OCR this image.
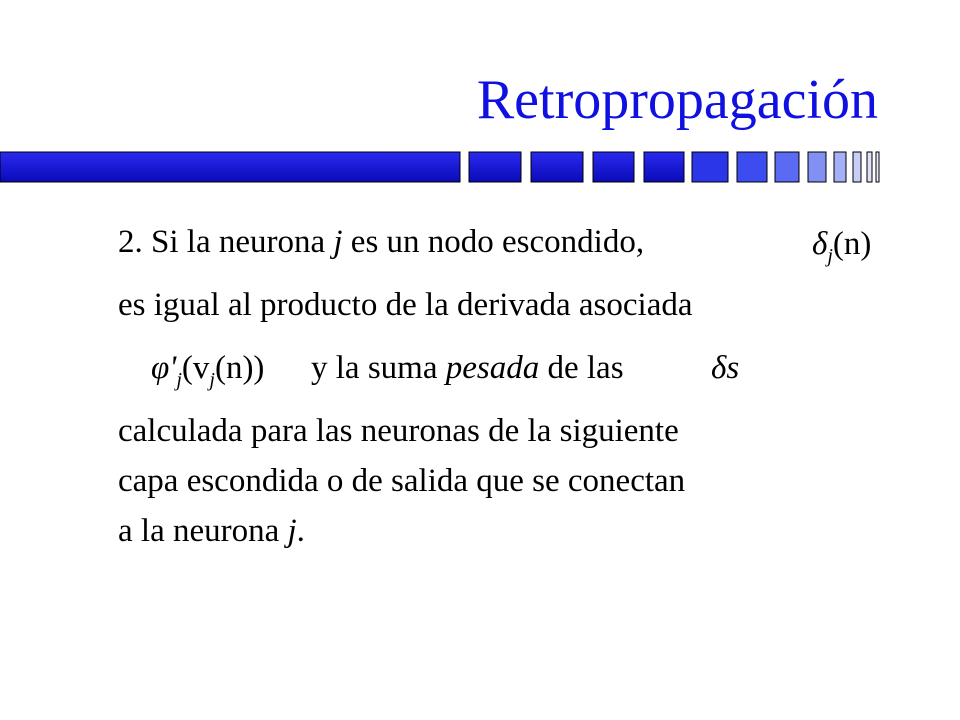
Retropropagación
2. Si la neurona j es un nodo escondido,	$\delta_j(n)$
es igual al producto de la derivada asociada
$\varphi'_j(v_j(n))$ y la suma pesada de las	δs
calculada para las neuronas de la siguiente
capa escondida o de salida que se conectan
a la neurona j.
